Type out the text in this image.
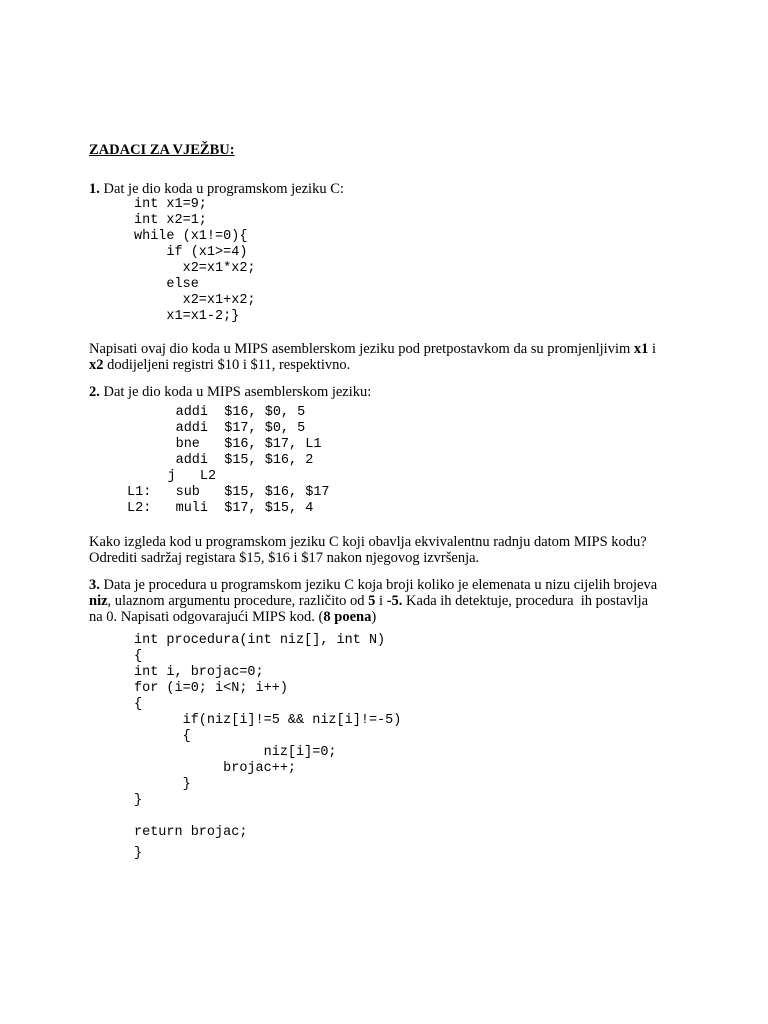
ZADACI ZA VJEŽBU:
1. Dat je dio koda u programskom jeziku C:
int x1=9;
int x2=1;
while (x1!=0){
if (x1>=4)
x2=x1*x2;
else
x2=x1+x2;
x1=x1-2;}
Napisati ovaj dio koda u MIPS asemblerskom jeziku pod pretpostavkom da su promjenljivim x1 i
x2 dodijeljeni registri $10 i $11, respektivno.
2. Dat je dio koda u MIPS asemblerskom jeziku:
addi  $16, $0, 5
addi  $17, $0, 5
bne   $16, $17, L1
addi  $15, $16, 2
j   L2
L1:   sub   $15, $16, $17
L2:   muli  $17, $15, 4
Kako izgleda kod u programskom jeziku C koji obavlja ekvivalentnu radnju datom MIPS kodu?
Odrediti sadržaj registara $15, $16 i $17 nakon njegovog izvršenja.
3. Data je procedura u programskom jeziku C koja broji koliko je elemenata u nizu cijelih brojeva
niz, ulaznom argumentu procedure, različito od 5 i -5. Kada ih detektuje, procedura  ih postavlja
na 0. Napisati odgovarajući MIPS kod. (8 poena)
int procedura(int niz[], int N)
{
int i, brojac=0;
for (i=0; i<N; i++)
{
if(niz[i]!=5 && niz[i]!=-5)
{
niz[i]=0;
brojac++;
}
}
return brojac;
}
